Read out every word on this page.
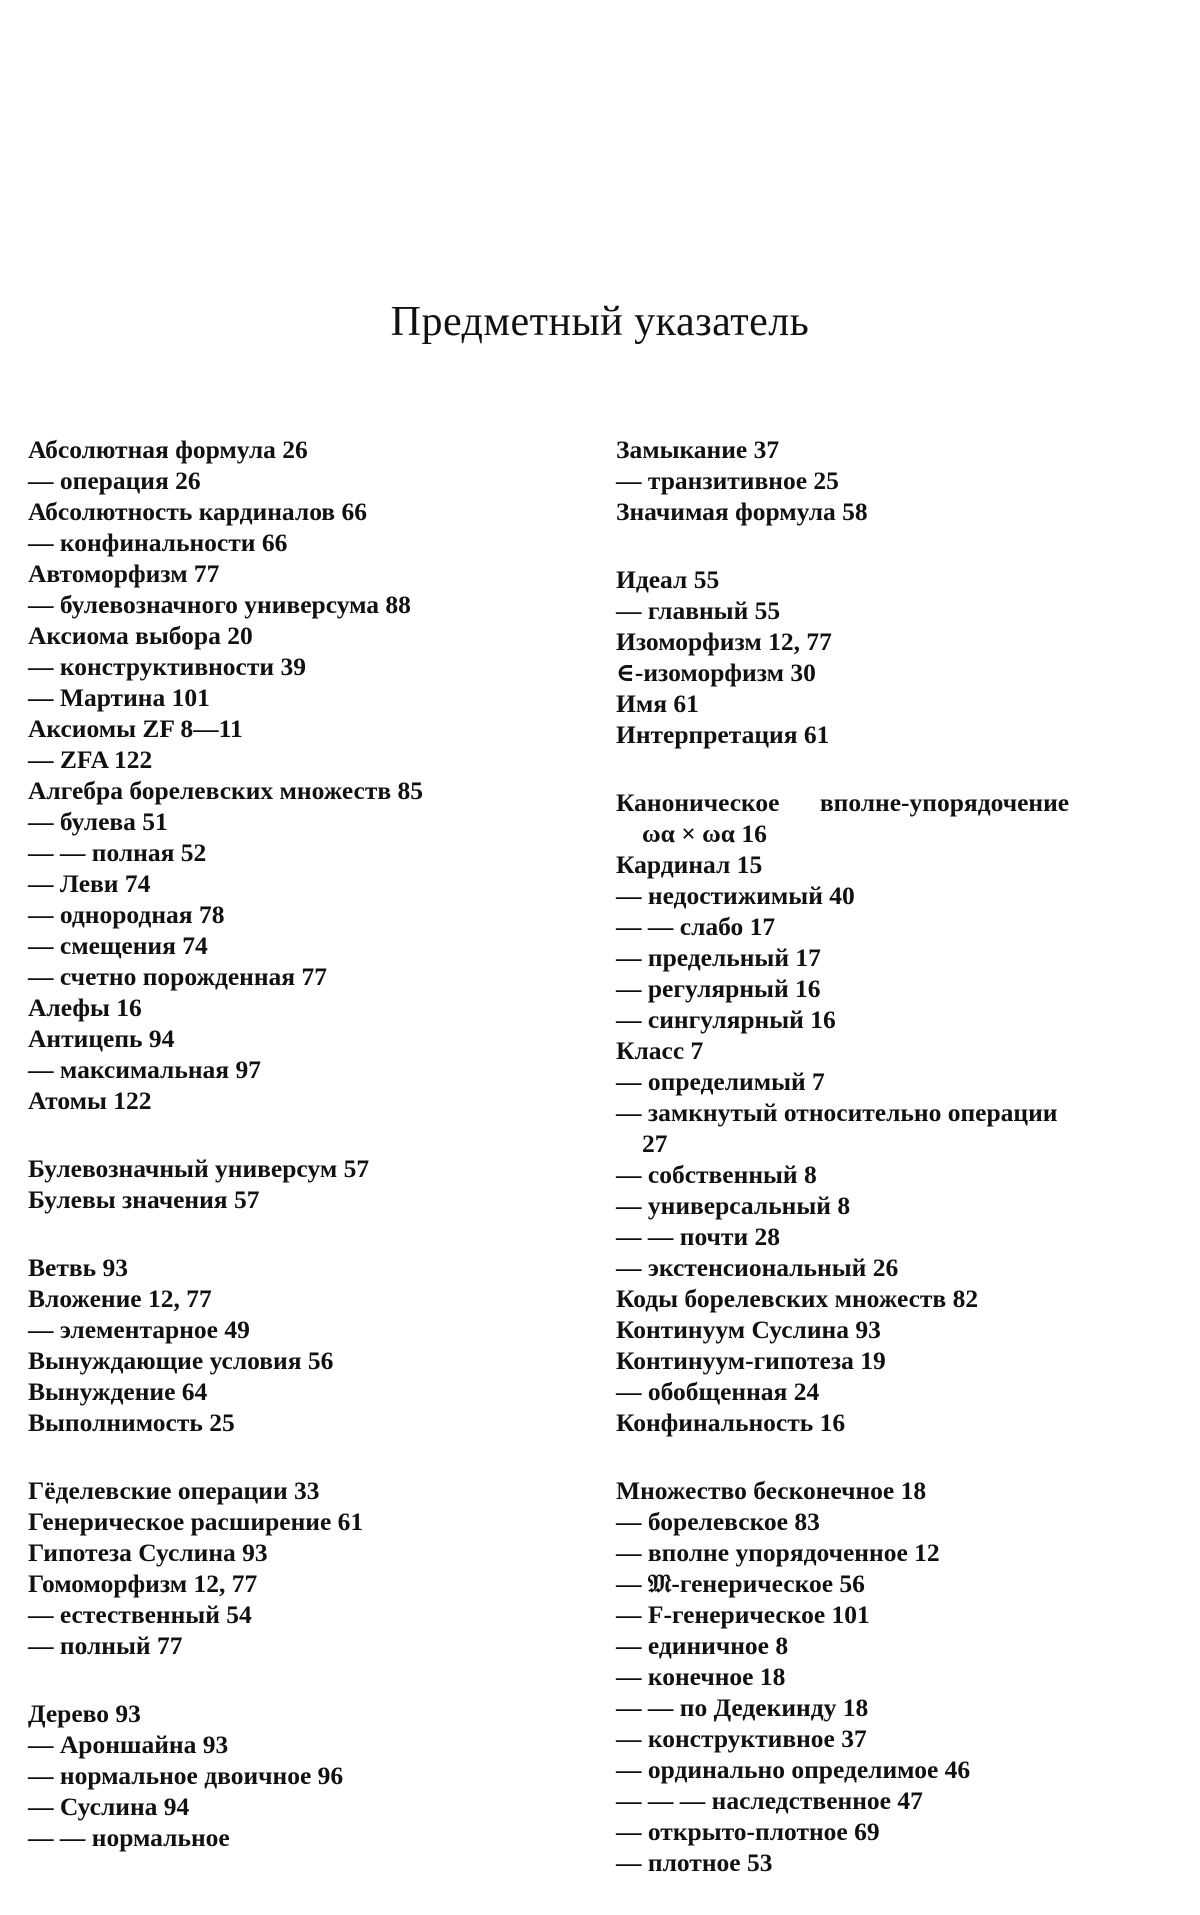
Предметный указатель
Абсолютная формула 26
— операция 26
Абсолютность кардиналов 66
— конфинальности 66
Автоморфизм 77
— булевозначного универсума 88
Аксиома выбора 20
— конструктивности 39
— Мартина 101
Аксиомы ZF 8—11
— ZFA 122
Алгебра борелевских множеств 85
— булева 51
— — полная 52
— Леви 74
— однородная 78
— смещения 74
— счетно порожденная 77
Алефы 16
Антицепь 94
— максимальная 97
Атомы 122
Булевозначный универсум 57
Булевы значения 57
Ветвь 93
Вложение 12, 77
— элементарное 49
Вынуждающие условия 56
Вынуждение 64
Выполнимость 25
Гёделевские операции 33
Генерическое расширение 61
Гипотеза Суслина 93
Гомоморфизм 12, 77
— естественный 54
— полный 77
Дерево 93
— Ароншайна 93
— нормальное двоичное 96
— Суслина 94
— — нормальное
Замыкание 37
— транзитивное 25
Значимая формула 58
Идеал 55
— главный 55
Изоморфизм 12, 77
∈-изоморфизм 30
Имя 61
Интерпретация 61
Каноническое вполне-упорядочение
ωα × ωα 16
Кардинал 15
— недостижимый 40
— — слабо 17
— предельный 17
— регулярный 16
— сингулярный 16
Класс 7
— определимый 7
— замкнутый относительно операции
27
— собственный 8
— универсальный 8
— — почти 28
— экстенсиональный 26
Коды борелевских множеств 82
Континуум Суслина 93
Континуум-гипотеза 19
— обобщенная 24
Конфинальность 16
Множество бесконечное 18
— борелевское 83
— вполне упорядоченное 12
— 𝔐-генерическое 56
— F-генерическое 101
— единичное 8
— конечное 18
— — по Дедекинду 18
— конструктивное 37
— ординально определимое 46
— — — наследственное 47
— открыто-плотное 69
— плотное 53
